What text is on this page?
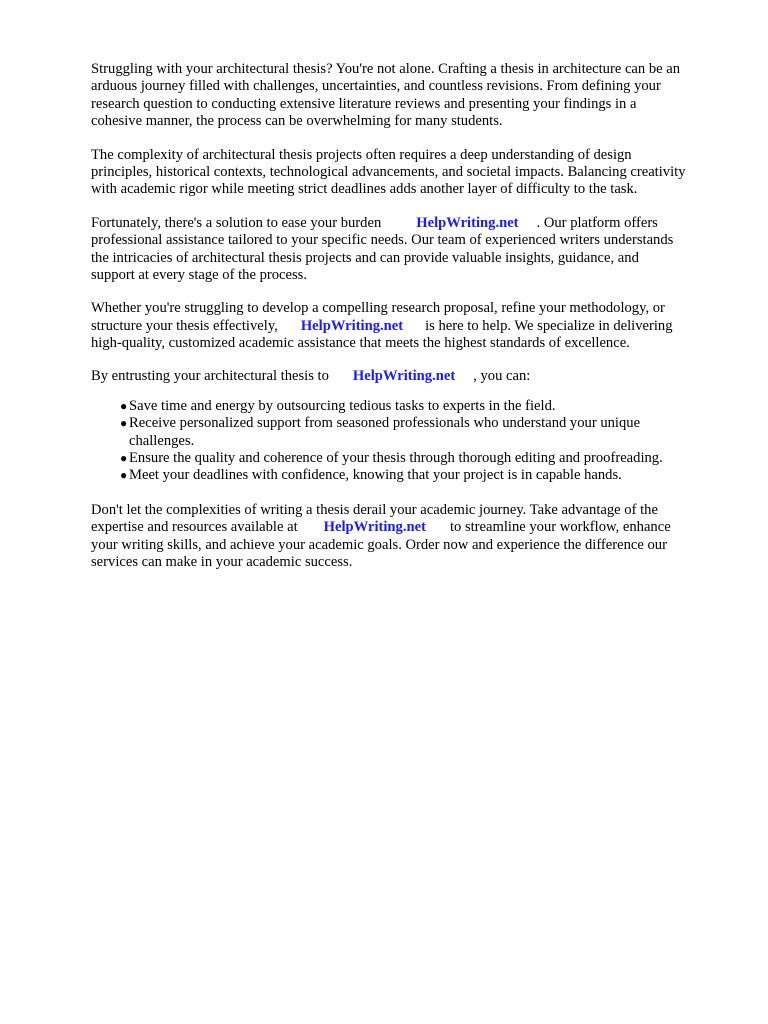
Struggling with your architectural thesis? You're not alone. Crafting a thesis in architecture can be an
arduous journey filled with challenges, uncertainties, and countless revisions. From defining your
research question to conducting extensive literature reviews and presenting your findings in a
cohesive manner, the process can be overwhelming for many students.
The complexity of architectural thesis projects often requires a deep understanding of design
principles, historical contexts, technological advancements, and societal impacts. Balancing creativity
with academic rigor while meeting strict deadlines adds another layer of difficulty to the task.
Fortunately, there's a solution to ease your burden HelpWriting.net . Our platform offers
professional assistance tailored to your specific needs. Our team of experienced writers understands
the intricacies of architectural thesis projects and can provide valuable insights, guidance, and
support at every stage of the process.
Whether you're struggling to develop a compelling research proposal, refine your methodology, or
structure your thesis effectively, HelpWriting.net is here to help. We specialize in delivering
high-quality, customized academic assistance that meets the highest standards of excellence.
By entrusting your architectural thesis to HelpWriting.net , you can:
● Save time and energy by outsourcing tedious tasks to experts in the field.
● Receive personalized support from seasoned professionals who understand your unique
challenges.
● Ensure the quality and coherence of your thesis through thorough editing and proofreading.
● Meet your deadlines with confidence, knowing that your project is in capable hands.
Don't let the complexities of writing a thesis derail your academic journey. Take advantage of the
expertise and resources available at HelpWriting.net to streamline your workflow, enhance
your writing skills, and achieve your academic goals. Order now and experience the difference our
services can make in your academic success.
